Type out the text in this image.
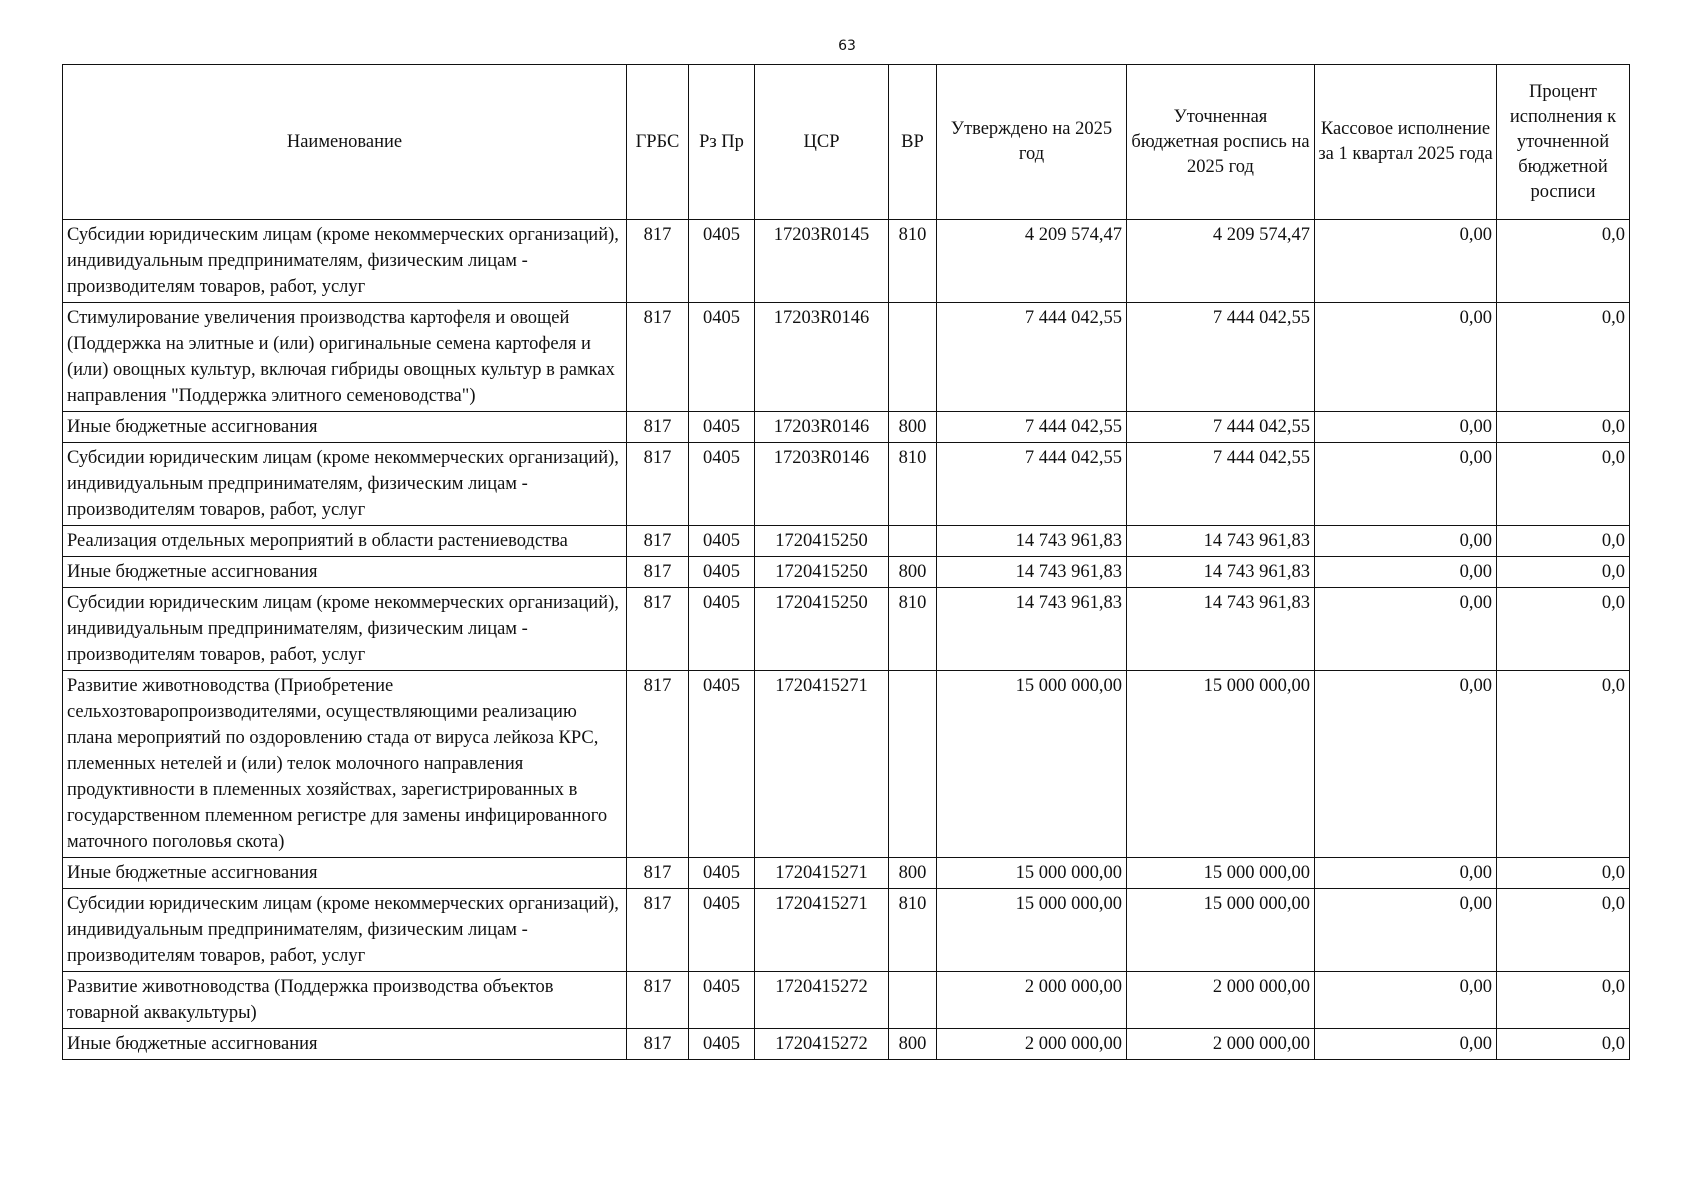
63
Наименование	ГРБС	Рз Пр	ЦСР	ВР	Утверждено на 2025 год	Уточненная бюджетная роспись на 2025 год	Кассовое исполнение за 1 квартал 2025 года	Процент исполнения к уточненной бюджетной росписи
Субсидии юридическим лицам (кроме некоммерческих организаций), индивидуальным предпринимателям, физическим лицам - производителям товаров, работ, услуг	817	0405	17203R0145	810	4 209 574,47	4 209 574,47	0,00	0,0
Стимулирование увеличения производства картофеля и овощей (Поддержка на элитные и (или) оригинальные семена картофеля и (или) овощных культур, включая гибриды овощных культур в рамках направления "Поддержка элитного семеноводства")	817	0405	17203R0146		7 444 042,55	7 444 042,55	0,00	0,0
Иные бюджетные ассигнования	817	0405	17203R0146	800	7 444 042,55	7 444 042,55	0,00	0,0
Субсидии юридическим лицам (кроме некоммерческих организаций), индивидуальным предпринимателям, физическим лицам - производителям товаров, работ, услуг	817	0405	17203R0146	810	7 444 042,55	7 444 042,55	0,00	0,0
Реализация отдельных мероприятий в области растениеводства	817	0405	1720415250		14 743 961,83	14 743 961,83	0,00	0,0
Иные бюджетные ассигнования	817	0405	1720415250	800	14 743 961,83	14 743 961,83	0,00	0,0
Субсидии юридическим лицам (кроме некоммерческих организаций), индивидуальным предпринимателям, физическим лицам - производителям товаров, работ, услуг	817	0405	1720415250	810	14 743 961,83	14 743 961,83	0,00	0,0
Развитие животноводства (Приобретение сельхозтоваропроизводителями, осуществляющими реализацию плана мероприятий по оздоровлению стада от вируса лейкоза КРС, племенных нетелей и (или) телок молочного направления продуктивности в племенных хозяйствах, зарегистрированных в государственном племенном регистре для замены инфицированного маточного поголовья скота)	817	0405	1720415271		15 000 000,00	15 000 000,00	0,00	0,0
Иные бюджетные ассигнования	817	0405	1720415271	800	15 000 000,00	15 000 000,00	0,00	0,0
Субсидии юридическим лицам (кроме некоммерческих организаций), индивидуальным предпринимателям, физическим лицам - производителям товаров, работ, услуг	817	0405	1720415271	810	15 000 000,00	15 000 000,00	0,00	0,0
Развитие животноводства (Поддержка производства объектов товарной аквакультуры)	817	0405	1720415272		2 000 000,00	2 000 000,00	0,00	0,0
Иные бюджетные ассигнования	817	0405	1720415272	800	2 000 000,00	2 000 000,00	0,00	0,0
